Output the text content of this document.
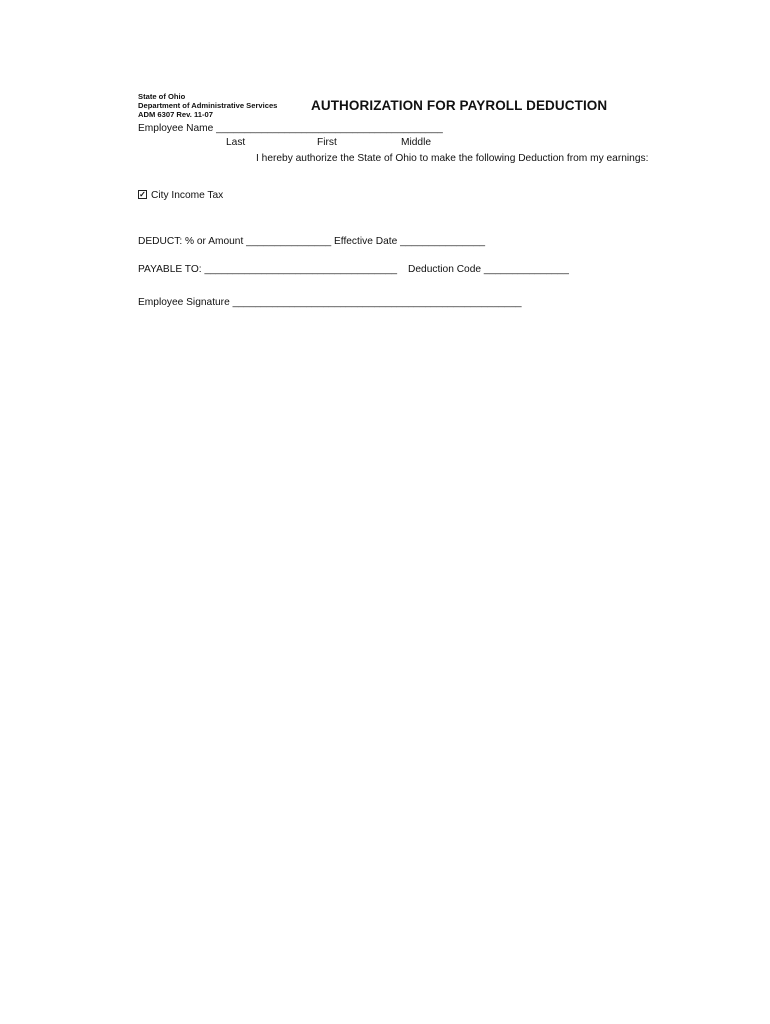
State of Ohio
Department of Administrative Services
ADM 6307 Rev. 11-07
AUTHORIZATION FOR PAYROLL DEDUCTION
Employee Name ________________________________________
Last	First	Middle
I hereby authorize the State of Ohio to make the following Deduction from my earnings:
✓ City Income Tax
DEDUCT: % or Amount _______________ Effective Date _______________
PAYABLE TO: __________________________________ Deduction Code _______________
Employee Signature ___________________________________________________
